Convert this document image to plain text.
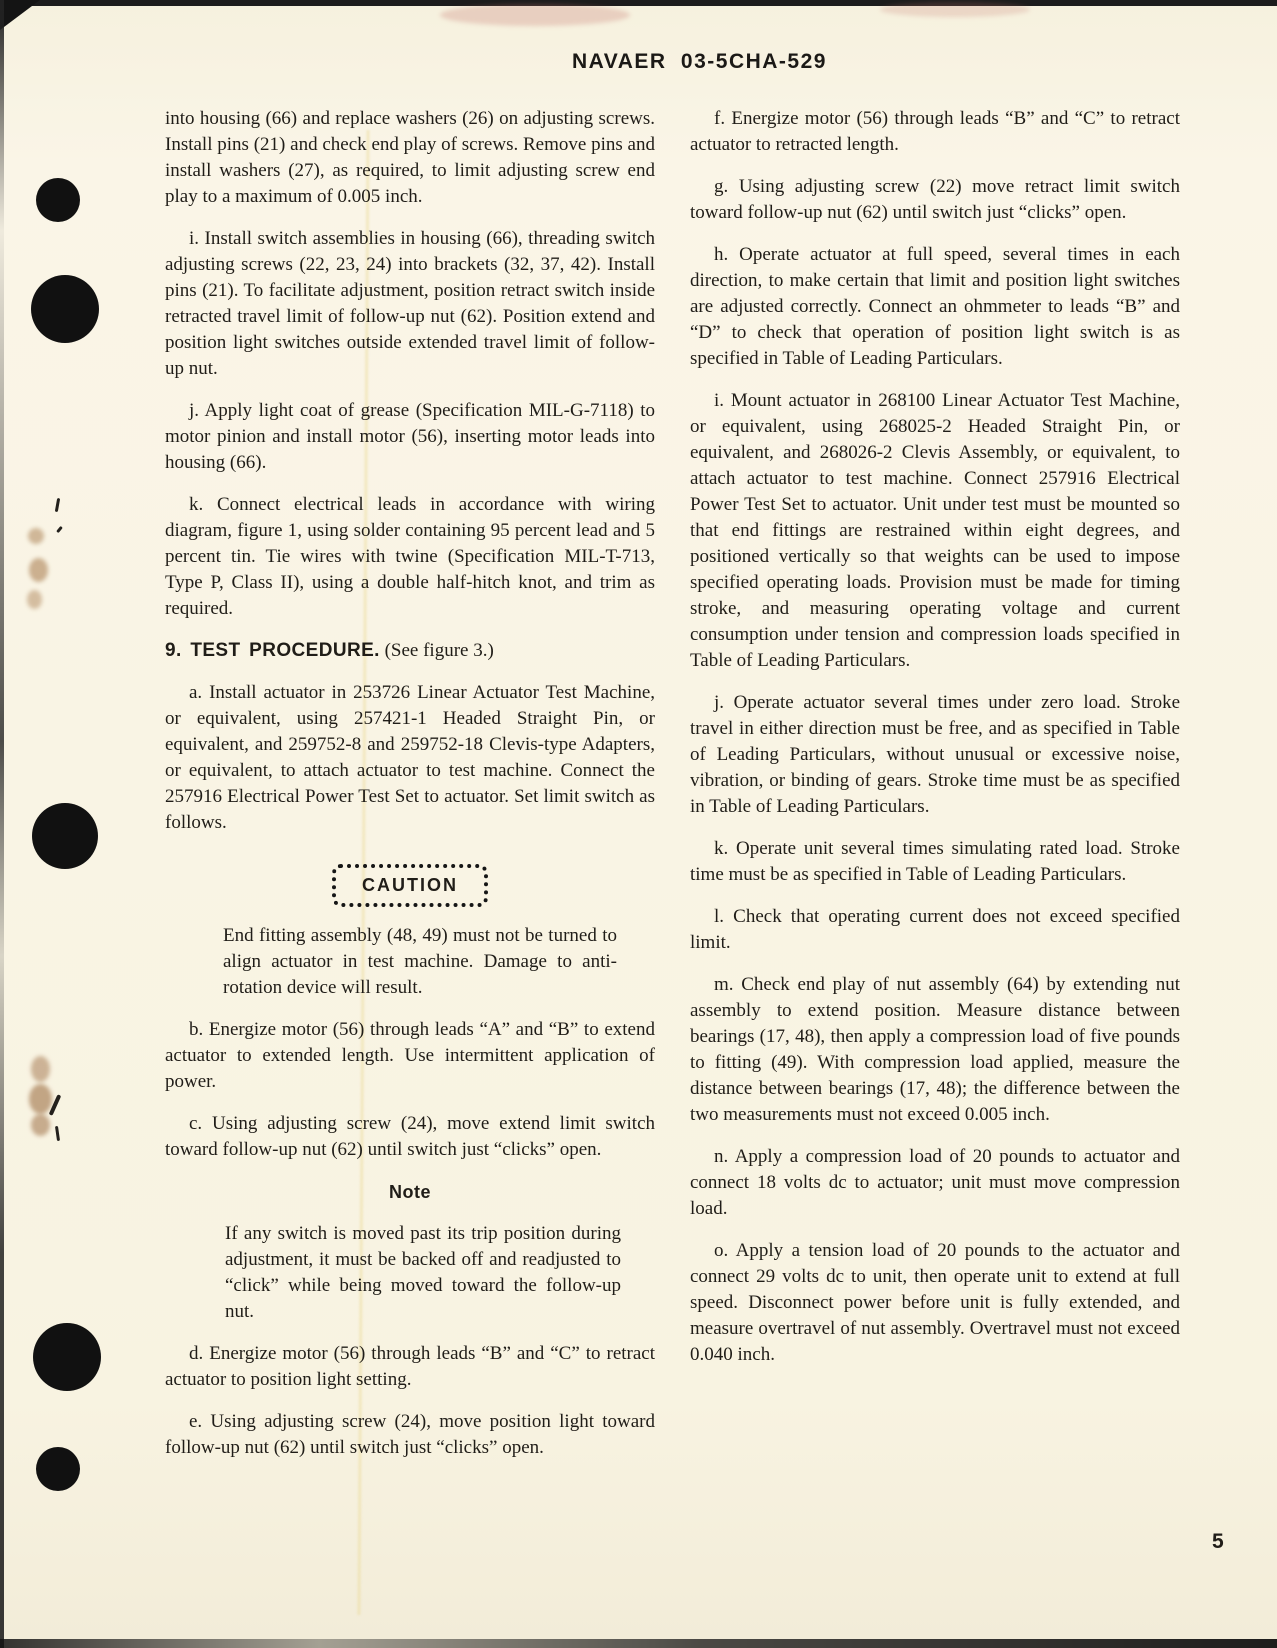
NAVAER 03-5CHA-529

into housing (66) and replace washers (26) on adjusting screws. Install pins (21) and check end play of screws. Remove pins and install washers (27), as required, to limit adjusting screw end play to a maximum of 0.005 inch.

i. Install switch assemblies in housing (66), threading switch adjusting screws (22, 23, 24) into brackets (32, 37, 42). Install pins (21). To facilitate adjustment, position retract switch inside retracted travel limit of follow-up nut (62). Position extend and position light switches outside extended travel limit of follow-up nut.

j. Apply light coat of grease (Specification MIL-G-7118) to motor pinion and install motor (56), inserting motor leads into housing (66).

k. Connect electrical leads in accordance with wiring diagram, figure 1, using solder containing 95 percent lead and 5 percent tin. Tie wires with twine (Specification MIL-T-713, Type P, Class II), using a double half-hitch knot, and trim as required.

9. TEST PROCEDURE. (See figure 3.)

a. Install actuator in 253726 Linear Actuator Test Machine, or equivalent, using 257421-1 Headed Straight Pin, or equivalent, and 259752-8 and 259752-18 Clevis-type Adapters, or equivalent, to attach actuator to test machine. Connect the 257916 Electrical Power Test Set to actuator. Set limit switch as follows.

CAUTION

End fitting assembly (48, 49) must not be turned to align actuator in test machine. Damage to anti-rotation device will result.

b. Energize motor (56) through leads “A” and “B” to extend actuator to extended length. Use intermittent application of power.

c. Using adjusting screw (24), move extend limit switch toward follow-up nut (62) until switch just “clicks” open.

Note

If any switch is moved past its trip position during adjustment, it must be backed off and readjusted to “click” while being moved toward the follow-up nut.

d. Energize motor (56) through leads “B” and “C” to retract actuator to position light setting.

e. Using adjusting screw (24), move position light toward follow-up nut (62) until switch just “clicks” open.

f. Energize motor (56) through leads “B” and “C” to retract actuator to retracted length.

g. Using adjusting screw (22) move retract limit switch toward follow-up nut (62) until switch just “clicks” open.

h. Operate actuator at full speed, several times in each direction, to make certain that limit and position light switches are adjusted correctly. Connect an ohmmeter to leads “B” and “D” to check that operation of position light switch is as specified in Table of Leading Particulars.

i. Mount actuator in 268100 Linear Actuator Test Machine, or equivalent, using 268025-2 Headed Straight Pin, or equivalent, and 268026-2 Clevis Assembly, or equivalent, to attach actuator to test machine. Connect 257916 Electrical Power Test Set to actuator. Unit under test must be mounted so that end fittings are restrained within eight degrees, and positioned vertically so that weights can be used to impose specified operating loads. Provision must be made for timing stroke, and measuring operating voltage and current consumption under tension and compression loads specified in Table of Leading Particulars.

j. Operate actuator several times under zero load. Stroke travel in either direction must be free, and as specified in Table of Leading Particulars, without unusual or excessive noise, vibration, or binding of gears. Stroke time must be as specified in Table of Leading Particulars.

k. Operate unit several times simulating rated load. Stroke time must be as specified in Table of Leading Particulars.

l. Check that operating current does not exceed specified limit.

m. Check end play of nut assembly (64) by extending nut assembly to extend position. Measure distance between bearings (17, 48), then apply a compression load of five pounds to fitting (49). With compression load applied, measure the distance between bearings (17, 48); the difference between the two measurements must not exceed 0.005 inch.

n. Apply a compression load of 20 pounds to actuator and connect 18 volts dc to actuator; unit must move compression load.

o. Apply a tension load of 20 pounds to the actuator and connect 29 volts dc to unit, then operate unit to extend at full speed. Disconnect power before unit is fully extended, and measure overtravel of nut assembly. Overtravel must not exceed 0.040 inch.

5
